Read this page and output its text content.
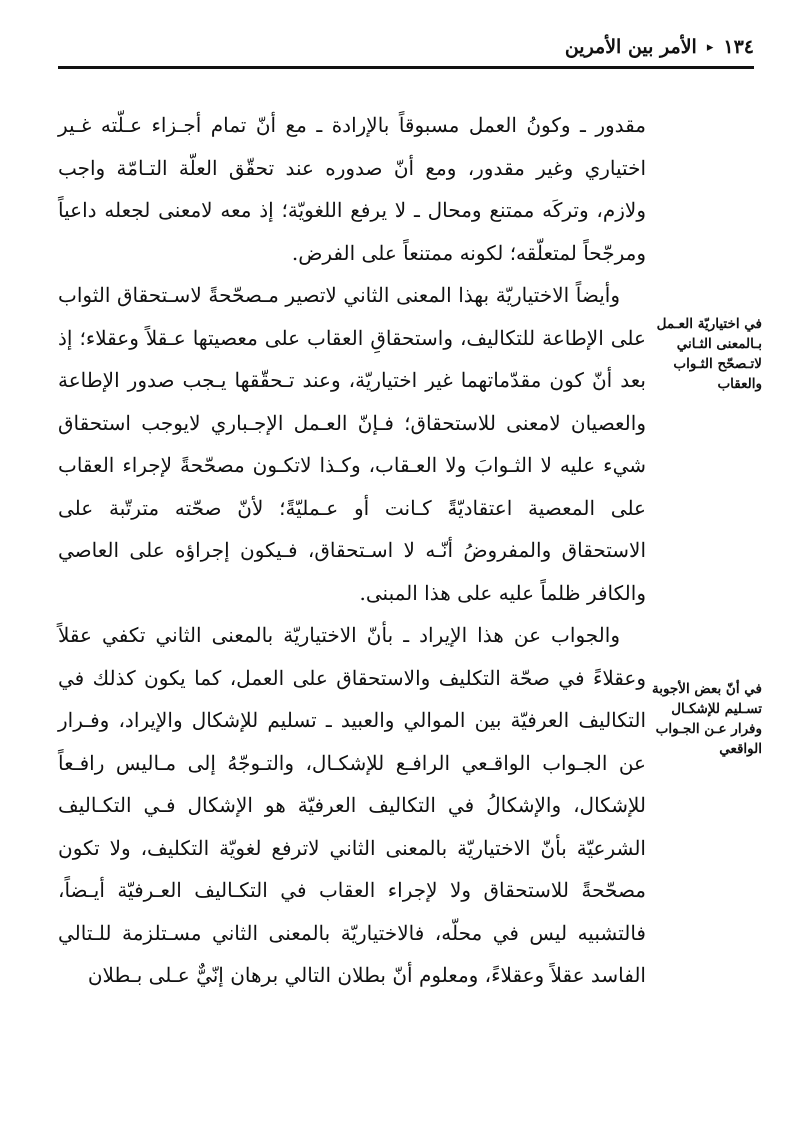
١٣٤
▸
الأمر بين الأمرين

مقدور ـ وكونُ العمل مسبوقاً بالإرادة ـ مع أنّ تمام أجـزاء عـلّته غـير اختياري وغير مقدور، ومع أنّ صدوره عند تحقّق العلّة التـامّة واجب ولازم، وتركَه ممتنع ومحال ـ لا يرفع اللغويّة؛ إذ معه لامعنى لجعله داعياً ومرجّحاً لمتعلّقه؛ لكونه ممتنعاً على الفرض.

وأيضاً الاختياريّة بهذا المعنى الثاني لاتصير مـصحّحةً لاسـتحقاق الثواب على الإطاعة للتكاليف، واستحقاقِ العقاب على معصيتها عـقلاً وعقلاء؛ إذ بعد أنّ كون مقدّماتهما غير اختياريّة، وعند تـحقّقها يـجب صدور الإطاعة والعصيان لامعنى للاستحقاق؛ فـإنّ العـمل الإجـباري لايوجب استحقاق شيء عليه لا الثـوابَ ولا العـقاب، وكـذا لاتكـون مصحّحةً لإجراء العقاب على المعصية اعتقاديّةً كـانت أو عـمليّةً؛ لأنّ صحّته مترتّبة على الاستحقاق والمفروضُ أنّـه لا اسـتحقاق، فـيكون إجراؤه على العاصي والكافر ظلماً عليه على هذا المبنى.

والجواب عن هذا الإيراد ـ بأنّ الاختياريّة بالمعنى الثاني تكفي عقلاً وعقلاءً في صحّة التكليف والاستحقاق على العمل، كما يكون كذلك في التكاليف العرفيّة بين الموالي والعبيد ـ تسليم للإشكال والإيراد، وفـرار عن الجـواب الواقـعي الرافـع للإشكـال، والتـوجّهُ إلى مـاليس رافـعاً للإشكال، والإشكالُ في التكاليف العرفيّة هو الإشكال فـي التكـاليف الشرعيّة بأنّ الاختياريّة بالمعنى الثاني لاترفع لغويّة التكليف، ولا تكون مصحّحةً للاستحقاق ولا لإجراء العقاب في التكـاليف العـرفيّة أيـضاً، فالتشبيه ليس في محلّه، فالاختياريّة بالمعنى الثاني مسـتلزمة للـتالي الفاسد عقلاً وعقلاءً، ومعلوم أنّ بطلان التالي برهان إنّيٌّ عـلى بـطلان

في اختياريّة العـمل بـالمعنى الثـاني لاتـصحّح الثـواب والعقاب
في أنّ بعض الأجوبة تسـليم للإشكـال وفرار عـن الجـواب الواقعي
